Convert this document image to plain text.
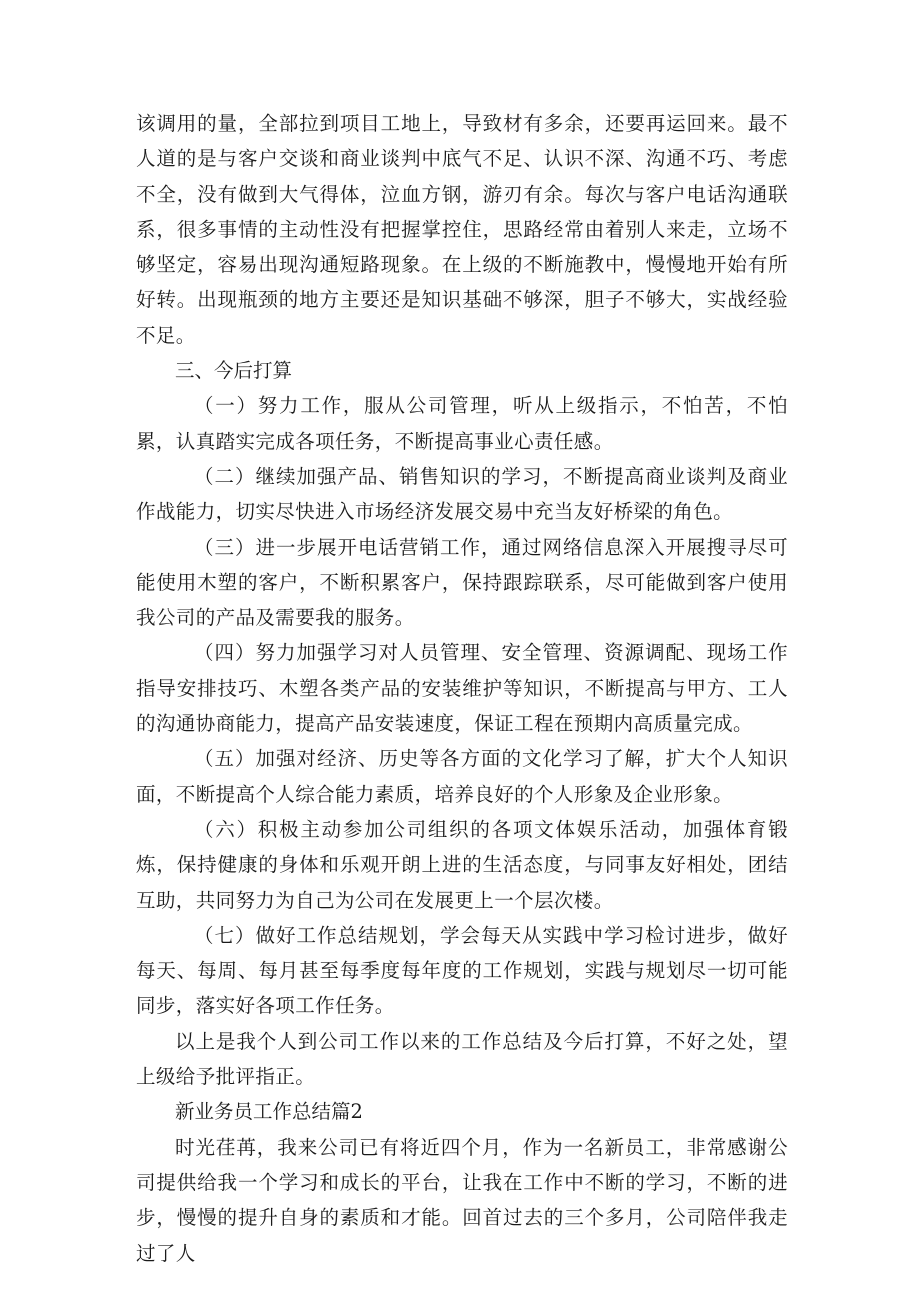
该调用的量，全部拉到项目工地上，导致材有多余，还要再运回来。最不人道的是与客户交谈和商业谈判中底气不足、认识不深、沟通不巧、考虑不全，没有做到大气得体，泣血方钢，游刃有余。每次与客户电话沟通联系，很多事情的主动性没有把握掌控住，思路经常由着别人来走，立场不够坚定，容易出现沟通短路现象。在上级的不断施教中，慢慢地开始有所好转。出现瓶颈的地方主要还是知识基础不够深，胆子不够大，实战经验不足。

三、今后打算

（一）努力工作，服从公司管理，听从上级指示，不怕苦，不怕累，认真踏实完成各项任务，不断提高事业心责任感。

（二）继续加强产品、销售知识的学习，不断提高商业谈判及商业作战能力，切实尽快进入市场经济发展交易中充当友好桥梁的角色。

（三）进一步展开电话营销工作，通过网络信息深入开展搜寻尽可能使用木塑的客户，不断积累客户，保持跟踪联系，尽可能做到客户使用我公司的产品及需要我的服务。

（四）努力加强学习对人员管理、安全管理、资源调配、现场工作指导安排技巧、木塑各类产品的安装维护等知识，不断提高与甲方、工人的沟通协商能力，提高产品安装速度，保证工程在预期内高质量完成。

（五）加强对经济、历史等各方面的文化学习了解，扩大个人知识面，不断提高个人综合能力素质，培养良好的个人形象及企业形象。

（六）积极主动参加公司组织的各项文体娱乐活动，加强体育锻炼，保持健康的身体和乐观开朗上进的生活态度，与同事友好相处，团结互助，共同努力为自己为公司在发展更上一个层次楼。

（七）做好工作总结规划，学会每天从实践中学习检讨进步，做好每天、每周、每月甚至每季度每年度的工作规划，实践与规划尽一切可能同步，落实好各项工作任务。

以上是我个人到公司工作以来的工作总结及今后打算，不好之处，望上级给予批评指正。

新业务员工作总结篇2

时光荏苒，我来公司已有将近四个月，作为一名新员工，非常感谢公司提供给我一个学习和成长的平台，让我在工作中不断的学习，不断的进步，慢慢的提升自身的素质和才能。回首过去的三个多月，公司陪伴我走过了人
